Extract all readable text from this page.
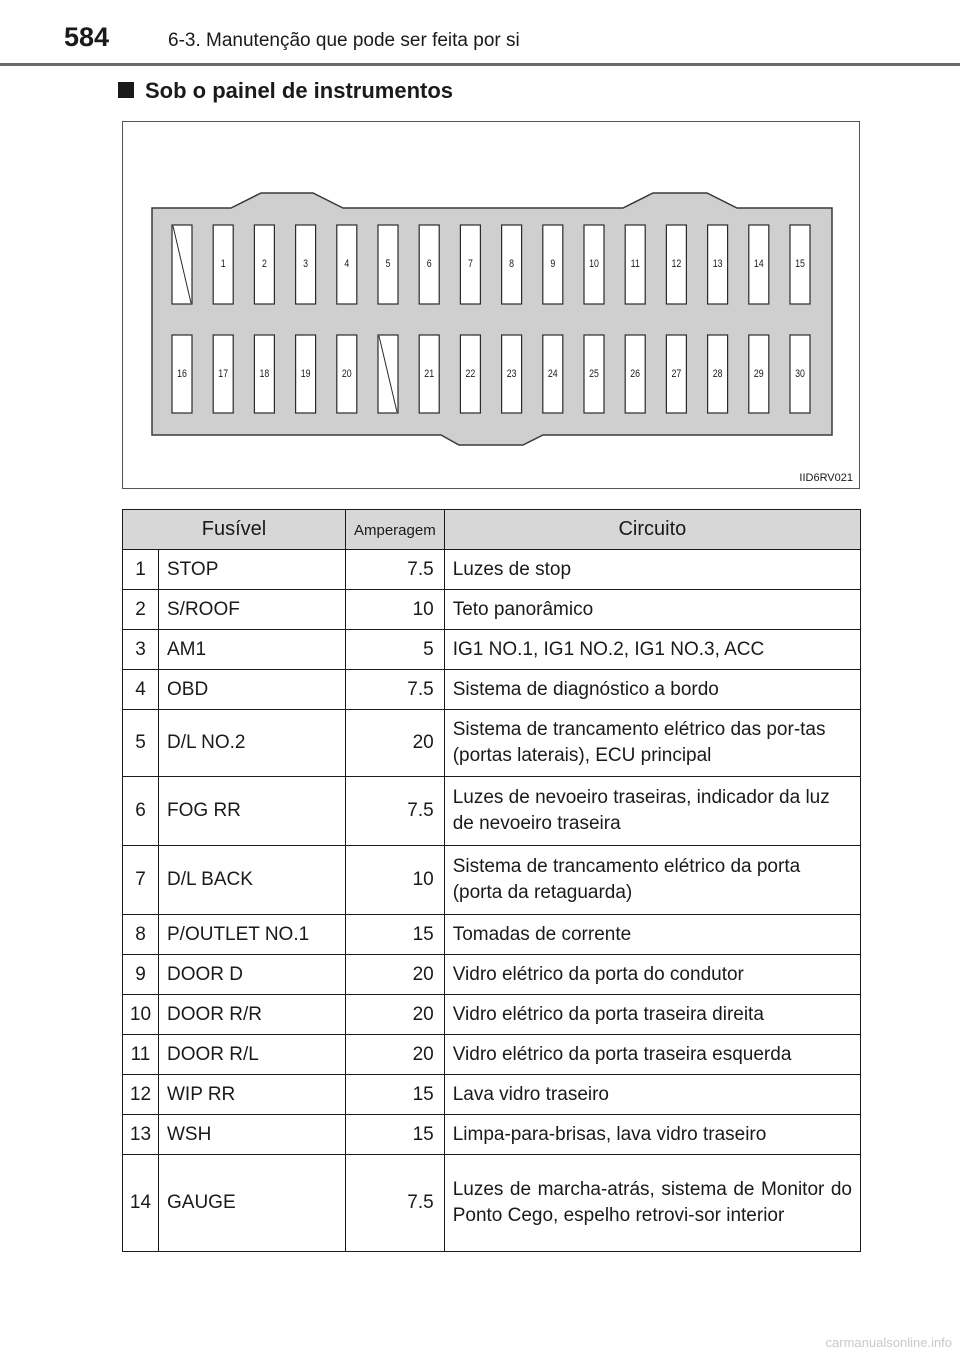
584	6-3. Manutenção que pode ser feita por si
Sob o painel de instrumentos
1	2	3	4	5	6	7	8	9	10	11	12	13	14	15
16	17	18	19	20	21	22	23	24	25	26	27	28	29	30
IID6RV021
Fusível		Amperagem	Circuito
1	STOP	7.5	Luzes de stop
2	S/ROOF	10	Teto panorâmico
3	AM1	5	IG1 NO.1, IG1 NO.2, IG1 NO.3, ACC
4	OBD	7.5	Sistema de diagnóstico a bordo
5	D/L NO.2	20	Sistema de trancamento elétrico das por-tas (portas laterais), ECU principal
6	FOG RR	7.5	Luzes de nevoeiro traseiras, indicador da luz de nevoeiro traseira
7	D/L BACK	10	Sistema de trancamento elétrico da porta (porta da retaguarda)
8	P/OUTLET NO.1	15	Tomadas de corrente
9	DOOR D	20	Vidro elétrico da porta do condutor
10	DOOR R/R	20	Vidro elétrico da porta traseira direita
11	DOOR R/L	20	Vidro elétrico da porta traseira esquerda
12	WIP RR	15	Lava vidro traseiro
13	WSH	15	Limpa-para-brisas, lava vidro traseiro
14	GAUGE	7.5	Luzes de marcha-atrás, sistema de Monitor do Ponto Cego, espelho retrovi-sor interior
carmanualsonline.info
